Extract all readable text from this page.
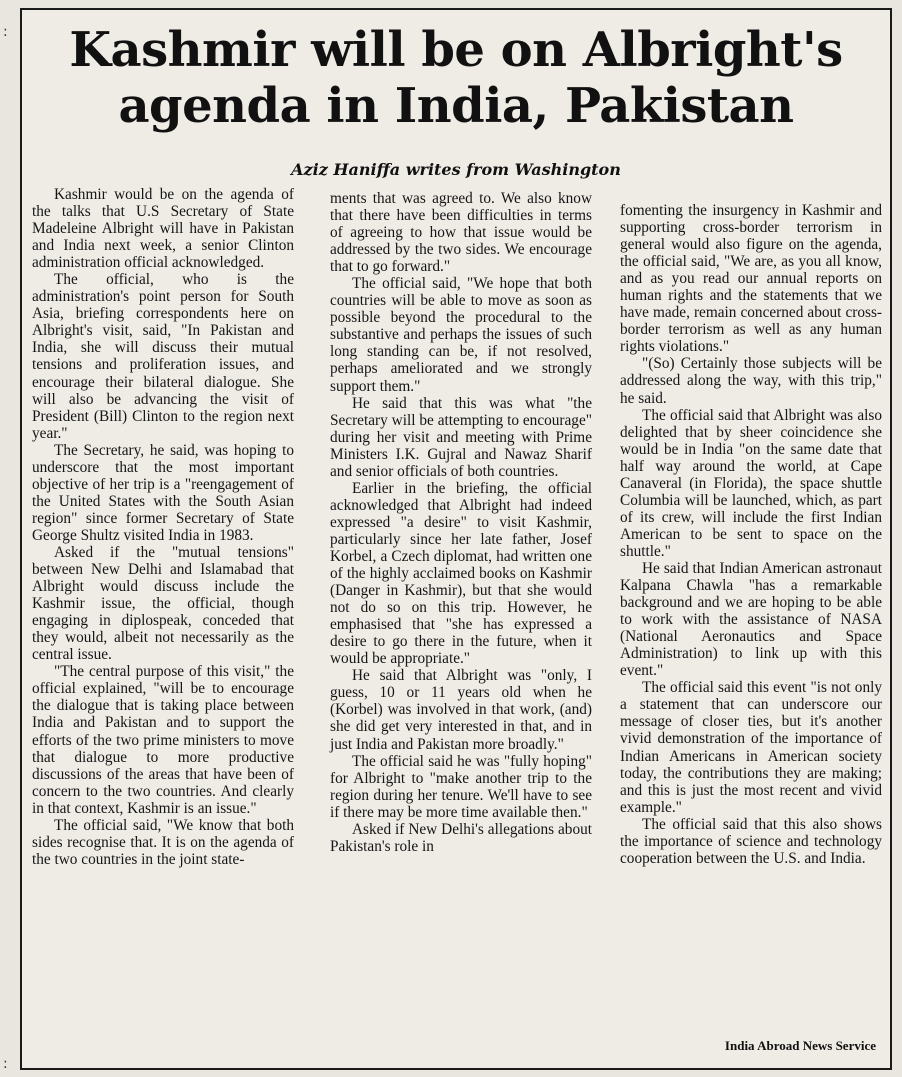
:
:
Kashmir will be on Albright's agenda in India, Pakistan
Aziz Haniffa writes from Washington

Kashmir would be on the agenda of the talks that U.S Secretary of State Madeleine Albright will have in Pakistan and India next week, a senior Clinton administration official acknowledged.

The official, who is the administration's point person for South Asia, briefing correspondents here on Albright's visit, said, "In Pakistan and India, she will discuss their mutual tensions and proliferation issues, and encourage their bilateral dialogue. She will also be advancing the visit of President (Bill) Clinton to the region next year."

The Secretary, he said, was hoping to underscore that the most important objective of her trip is a "reengagement of the United States with the South Asian region" since former Secretary of State George Shultz visited India in 1983.

Asked if the "mutual tensions" between New Delhi and Islamabad that Albright would discuss include the Kashmir issue, the official, though engaging in diplospeak, conceded that they would, albeit not necessarily as the central issue.

"The central purpose of this visit," the official explained, "will be to encourage the dialogue that is taking place between India and Pakistan and to support the efforts of the two prime ministers to move that dialogue to more productive discussions of the areas that have been of concern to the two countries. And clearly in that context, Kashmir is an issue."

The official said, "We know that both sides recognise that. It is on the agenda of the two countries in the joint state-

ments that was agreed to. We also know that there have been difficulties in terms of agreeing to how that issue would be addressed by the two sides. We encourage that to go forward."

The official said, "We hope that both countries will be able to move as soon as possible beyond the procedural to the substantive and perhaps the issues of such long standing can be, if not resolved, perhaps ameliorated and we strongly support them."

He said that this was what "the Secretary will be attempting to encourage" during her visit and meeting with Prime Ministers I.K. Gujral and Nawaz Sharif and senior officials of both countries.

Earlier in the briefing, the official acknowledged that Albright had indeed expressed "a desire" to visit Kashmir, particularly since her late father, Josef Korbel, a Czech diplomat, had written one of the highly acclaimed books on Kashmir (Danger in Kashmir), but that she would not do so on this trip. However, he emphasised that "she has expressed a desire to go there in the future, when it would be appropriate."

He said that Albright was "only, I guess, 10 or 11 years old when he (Korbel) was involved in that work, (and) she did get very interested in that, and in just India and Pakistan more broadly."

The official said he was "fully hoping" for Albright to "make another trip to the region during her tenure. We'll have to see if there may be more time available then."

Asked if New Delhi's allegations about Pakistan's role in

fomenting the insurgency in Kashmir and supporting cross-border terrorism in general would also figure on the agenda, the official said, "We are, as you all know, and as you read our annual reports on human rights and the statements that we have made, remain concerned about cross-border terrorism as well as any human rights violations."

"(So) Certainly those subjects will be addressed along the way, with this trip," he said.

The official said that Albright was also delighted that by sheer coincidence she would be in India "on the same date that half way around the world, at Cape Canaveral (in Florida), the space shuttle Columbia will be launched, which, as part of its crew, will include the first Indian American to be sent to space on the shuttle."

He said that Indian American astronaut Kalpana Chawla "has a remarkable background and we are hoping to be able to work with the assistance of NASA (National Aeronautics and Space Administration) to link up with this event."

The official said this event "is not only a statement that can underscore our message of closer ties, but it's another vivid demonstration of the importance of Indian Americans in American society today, the contributions they are making; and this is just the most recent and vivid example."

The official said that this also shows the importance of science and technology cooperation between the U.S. and India.

India Abroad News Service
